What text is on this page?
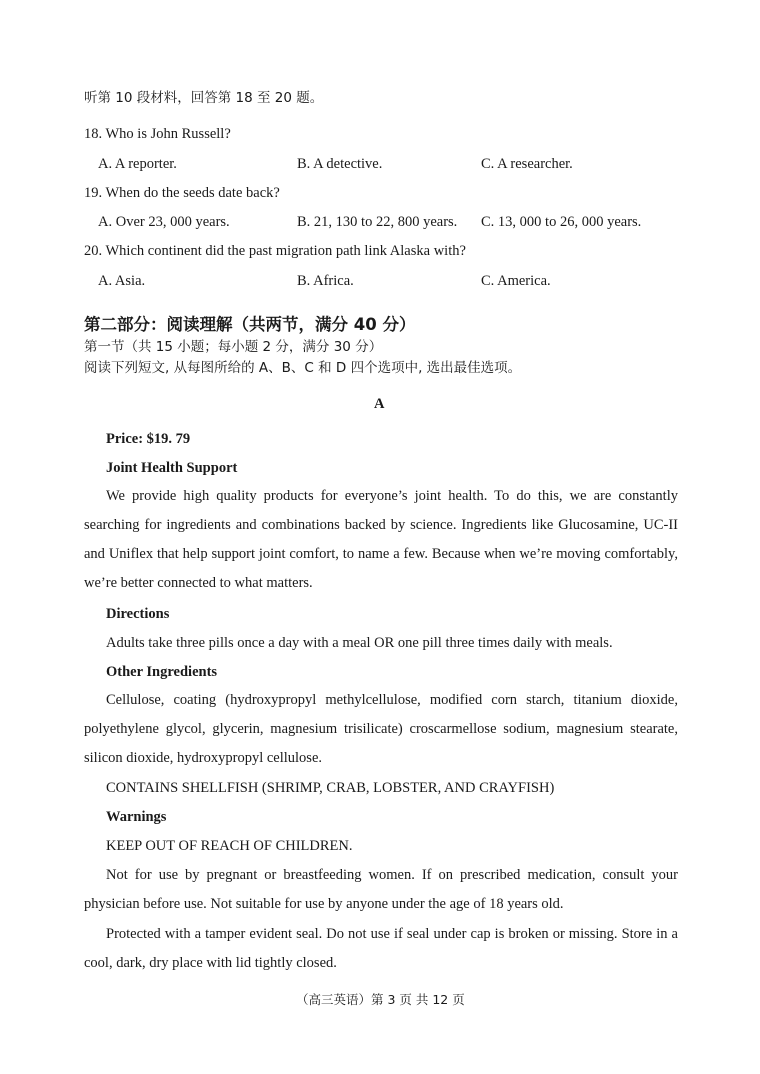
听第 10 段材料，回答第 18 至 20 题。
18. Who is John Russell?
A. A reporter.	B. A detective.	C. A researcher.
19. When do the seeds date back?
A. Over 23, 000 years.	B. 21, 130 to 22, 800 years. C. 13, 000 to 26, 000 years.
20. Which continent did the past migration path link Alaska with?
A. Asia.	B. Africa.	C. America.
第二部分：阅读理解（共两节，满分 40 分）
第一节（共 15 小题；每小题 2 分，满分 30 分）
阅读下列短文, 从每图所给的 A、B、C 和 D 四个选项中, 选出最佳选项。
A
Price: $19. 79
Joint Health Support
We provide high quality products for everyone’s joint health. To do this, we are constantly searching for ingredients and combinations backed by science. Ingredients like Glucosamine, UC-II and Uniflex that help support joint comfort, to name a few. Because when we’re moving comfortably, we’re better connected to what matters.
Directions
Adults take three pills once a day with a meal OR one pill three times daily with meals.
Other Ingredients
Cellulose, coating (hydroxypropyl methylcellulose, modified corn starch, titanium dioxide, polyethylene glycol, glycerin, magnesium trisilicate) croscarmellose sodium, magnesium stearate, silicon dioxide, hydroxypropyl cellulose.
CONTAINS SHELLFISH (SHRIMP, CRAB, LOBSTER, AND CRAYFISH)
Warnings
KEEP OUT OF REACH OF CHILDREN.
Not for use by pregnant or breastfeeding women. If on prescribed medication, consult your physician before use. Not suitable for use by anyone under the age of 18 years old.
Protected with a tamper evident seal. Do not use if seal under cap is broken or missing. Store in a cool, dark, dry place with lid tightly closed.
（高三英语）第 3 页 共 12 页
